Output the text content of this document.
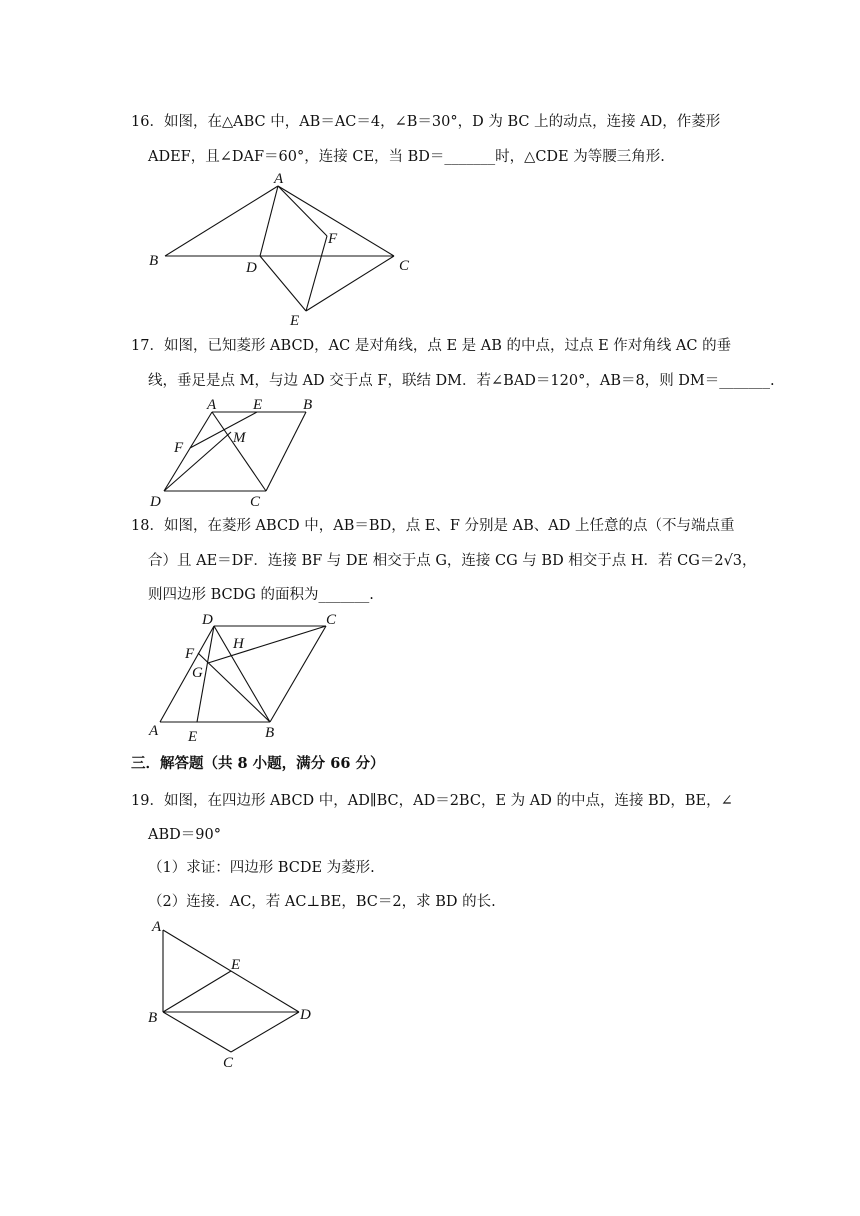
16．如图，在△ABC 中，AB＝AC＝4，∠B＝30°，D 为 BC 上的动点，连接 AD，作菱形
ADEF，且∠DAF＝60°，连接 CE，当 BD＝_______时，△CDE 为等腰三角形.
A
B	C
D
E
F
17．如图，已知菱形 ABCD，AC 是对角线，点 E 是 AB 的中点，过点 E 作对角线 AC 的垂
线，垂足是点 M，与边 AD 交于点 F，联结 DM．若∠BAD＝120°，AB＝8，则 DM＝_______.
A E	B
F
M
D	C
18．如图，在菱形 ABCD 中，AB＝BD，点 E、F 分别是 AB、AD 上任意的点（不与端点重
合）且 AE＝DF．连接 BF 与 DE 相交于点 G，连接 CG 与 BD 相交于点 H．若 CG＝2√3，
则四边形 BCDG 的面积为_______.
D	C
F
H
G
A E	B
三．解答题（共 8 小题，满分 66 分）
19．如图，在四边形 ABCD 中，AD∥BC，AD＝2BC，E 为 AD 的中点，连接 BD，BE，∠
ABD＝90°
（1）求证：四边形 BCDE 为菱形.
（2）连接．AC，若 AC⊥BE，BC＝2，求 BD 的长.
A
E
B	D
C
